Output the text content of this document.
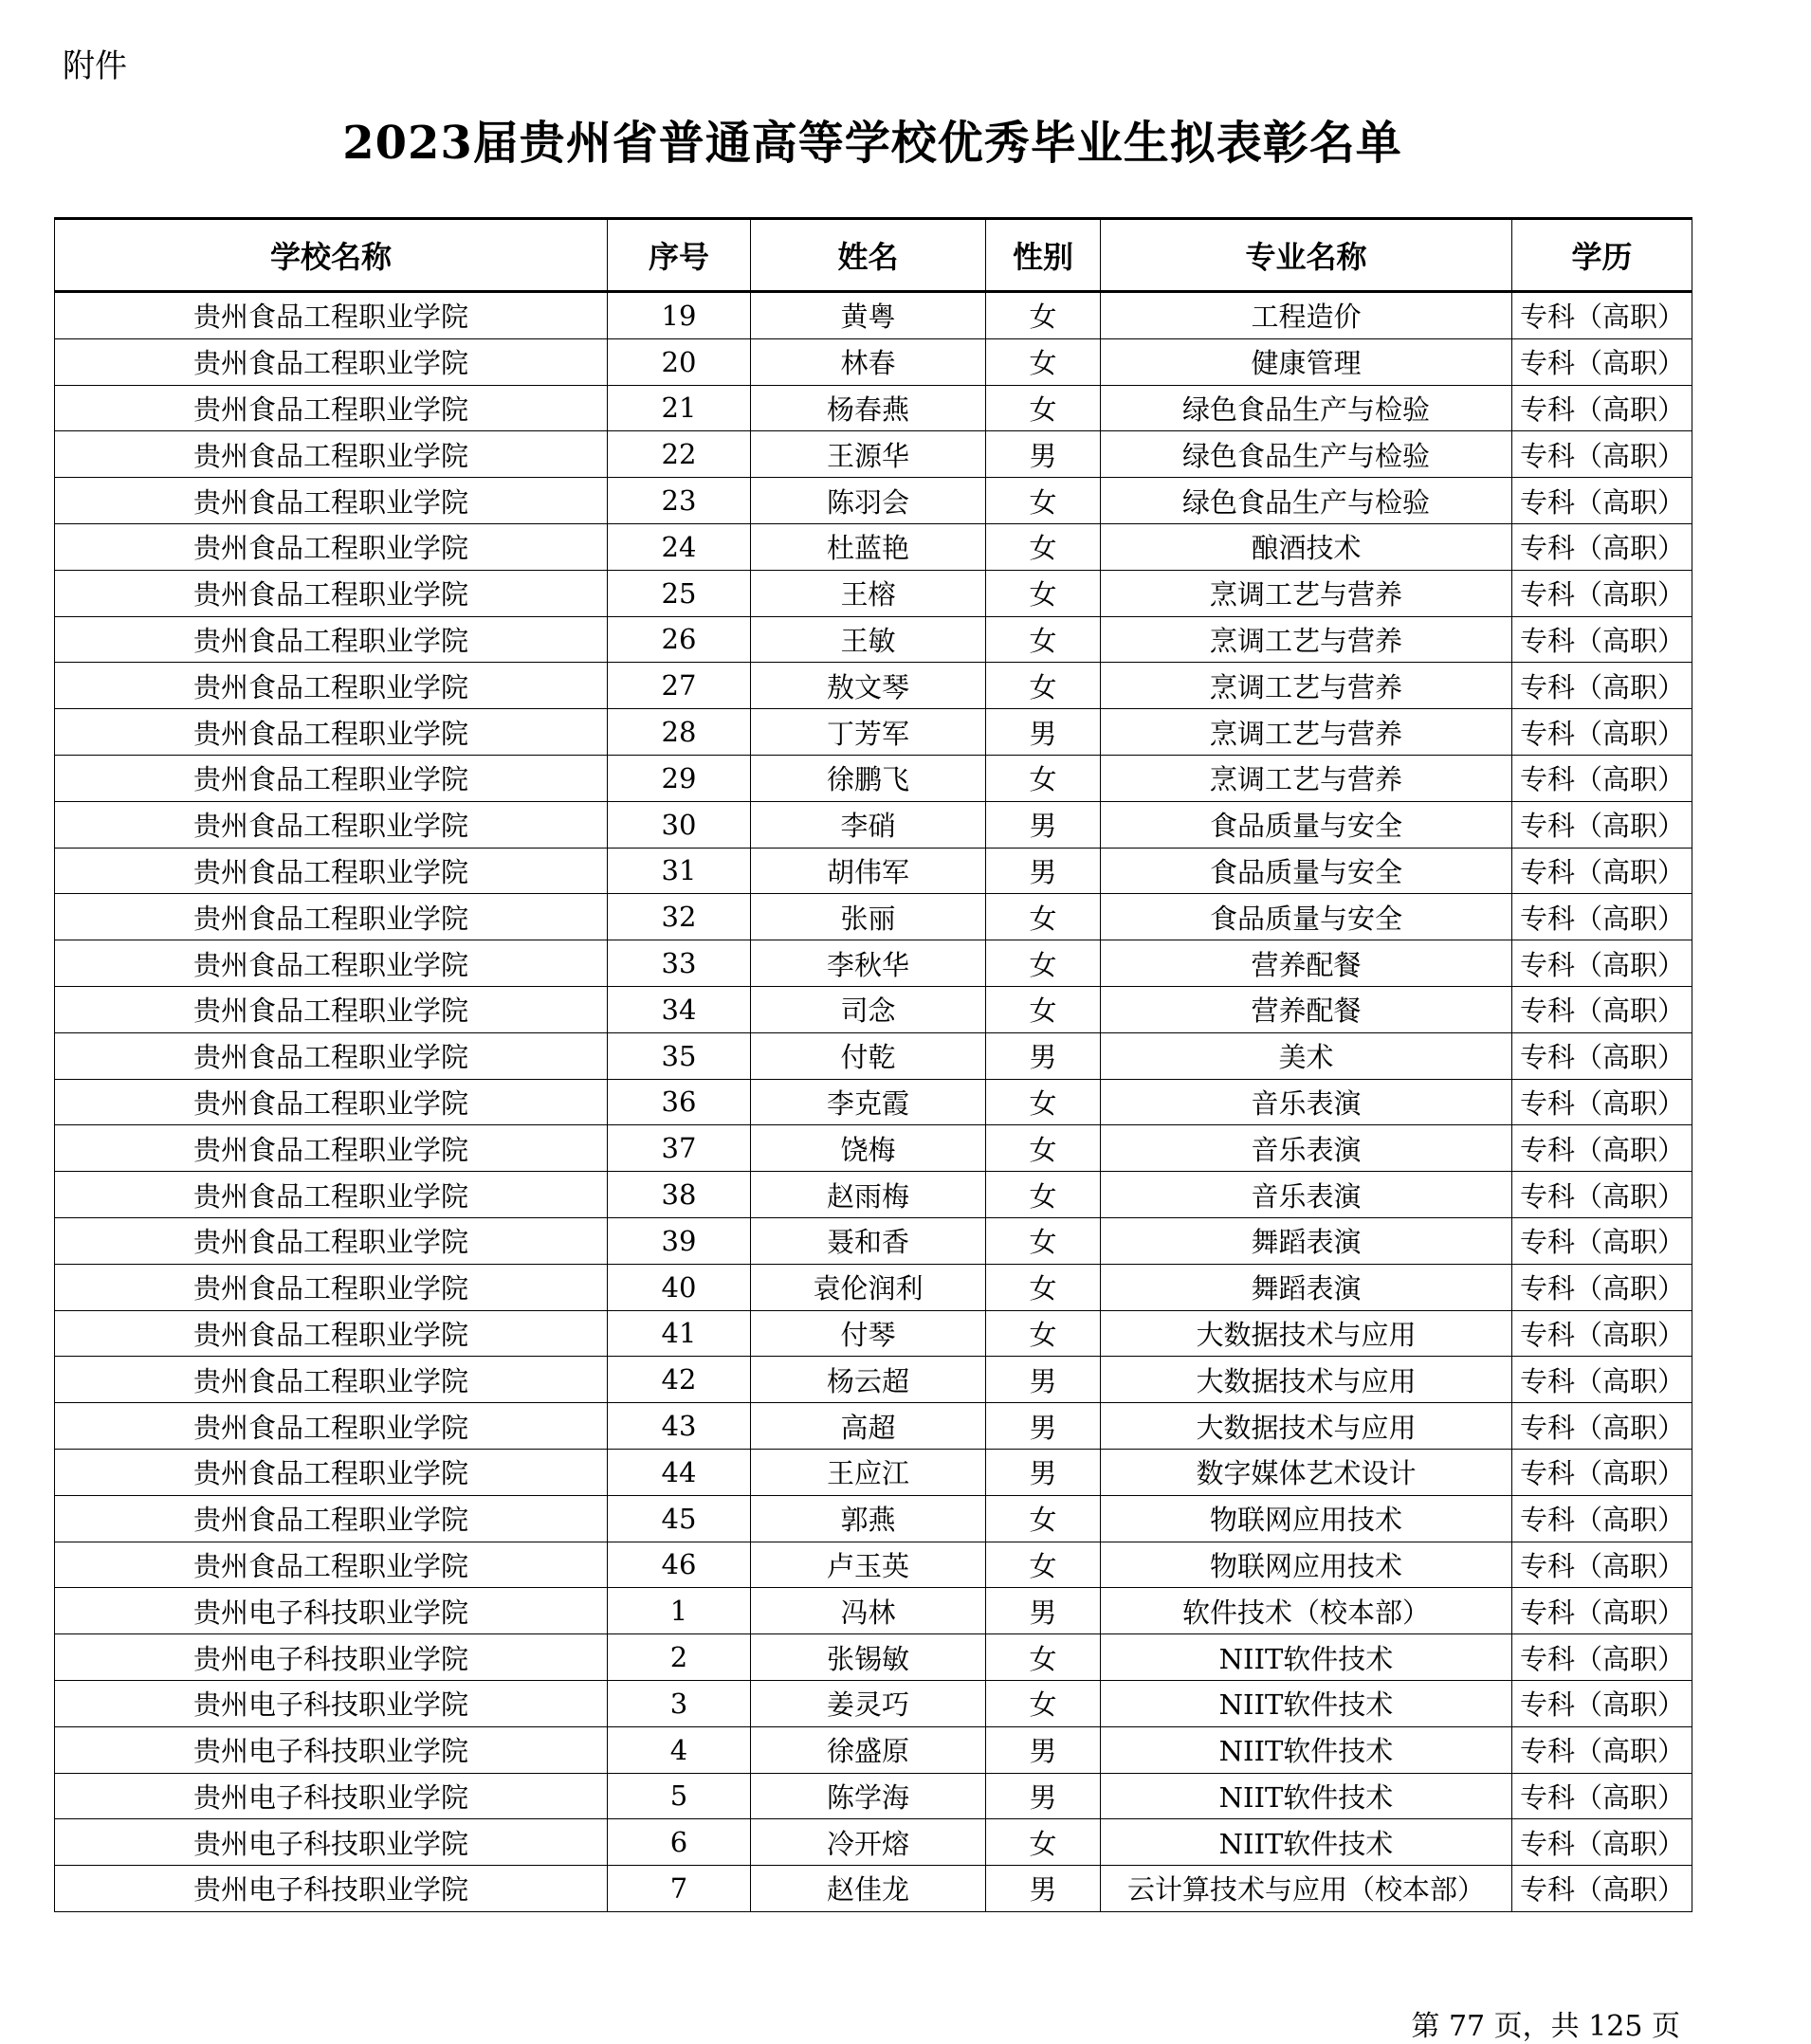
附件
2023届贵州省普通高等学校优秀毕业生拟表彰名单
学校名称	序号	姓名	性别	专业名称	学历
贵州食品工程职业学院	19	黄粤	女	工程造价	专科（高职）
贵州食品工程职业学院	20	林春	女	健康管理	专科（高职）
贵州食品工程职业学院	21	杨春燕	女	绿色食品生产与检验	专科（高职）
贵州食品工程职业学院	22	王源华	男	绿色食品生产与检验	专科（高职）
贵州食品工程职业学院	23	陈羽会	女	绿色食品生产与检验	专科（高职）
贵州食品工程职业学院	24	杜蓝艳	女	酿酒技术	专科（高职）
贵州食品工程职业学院	25	王榕	女	烹调工艺与营养	专科（高职）
贵州食品工程职业学院	26	王敏	女	烹调工艺与营养	专科（高职）
贵州食品工程职业学院	27	敖文琴	女	烹调工艺与营养	专科（高职）
贵州食品工程职业学院	28	丁芳军	男	烹调工艺与营养	专科（高职）
贵州食品工程职业学院	29	徐鹏飞	女	烹调工艺与营养	专科（高职）
贵州食品工程职业学院	30	李硝	男	食品质量与安全	专科（高职）
贵州食品工程职业学院	31	胡伟军	男	食品质量与安全	专科（高职）
贵州食品工程职业学院	32	张丽	女	食品质量与安全	专科（高职）
贵州食品工程职业学院	33	李秋华	女	营养配餐	专科（高职）
贵州食品工程职业学院	34	司念	女	营养配餐	专科（高职）
贵州食品工程职业学院	35	付乾	男	美术	专科（高职）
贵州食品工程职业学院	36	李克霞	女	音乐表演	专科（高职）
贵州食品工程职业学院	37	饶梅	女	音乐表演	专科（高职）
贵州食品工程职业学院	38	赵雨梅	女	音乐表演	专科（高职）
贵州食品工程职业学院	39	聂和香	女	舞蹈表演	专科（高职）
贵州食品工程职业学院	40	袁伦润利	女	舞蹈表演	专科（高职）
贵州食品工程职业学院	41	付琴	女	大数据技术与应用	专科（高职）
贵州食品工程职业学院	42	杨云超	男	大数据技术与应用	专科（高职）
贵州食品工程职业学院	43	高超	男	大数据技术与应用	专科（高职）
贵州食品工程职业学院	44	王应江	男	数字媒体艺术设计	专科（高职）
贵州食品工程职业学院	45	郭燕	女	物联网应用技术	专科（高职）
贵州食品工程职业学院	46	卢玉英	女	物联网应用技术	专科（高职）
贵州电子科技职业学院	1	冯林	男	软件技术（校本部）	专科（高职）
贵州电子科技职业学院	2	张锡敏	女	NIIT软件技术	专科（高职）
贵州电子科技职业学院	3	姜灵巧	女	NIIT软件技术	专科（高职）
贵州电子科技职业学院	4	徐盛原	男	NIIT软件技术	专科（高职）
贵州电子科技职业学院	5	陈学海	男	NIIT软件技术	专科（高职）
贵州电子科技职业学院	6	冷开熔	女	NIIT软件技术	专科（高职）
贵州电子科技职业学院	7	赵佳龙	男	云计算技术与应用（校本部）	专科（高职）
第 77 页，共 125 页
